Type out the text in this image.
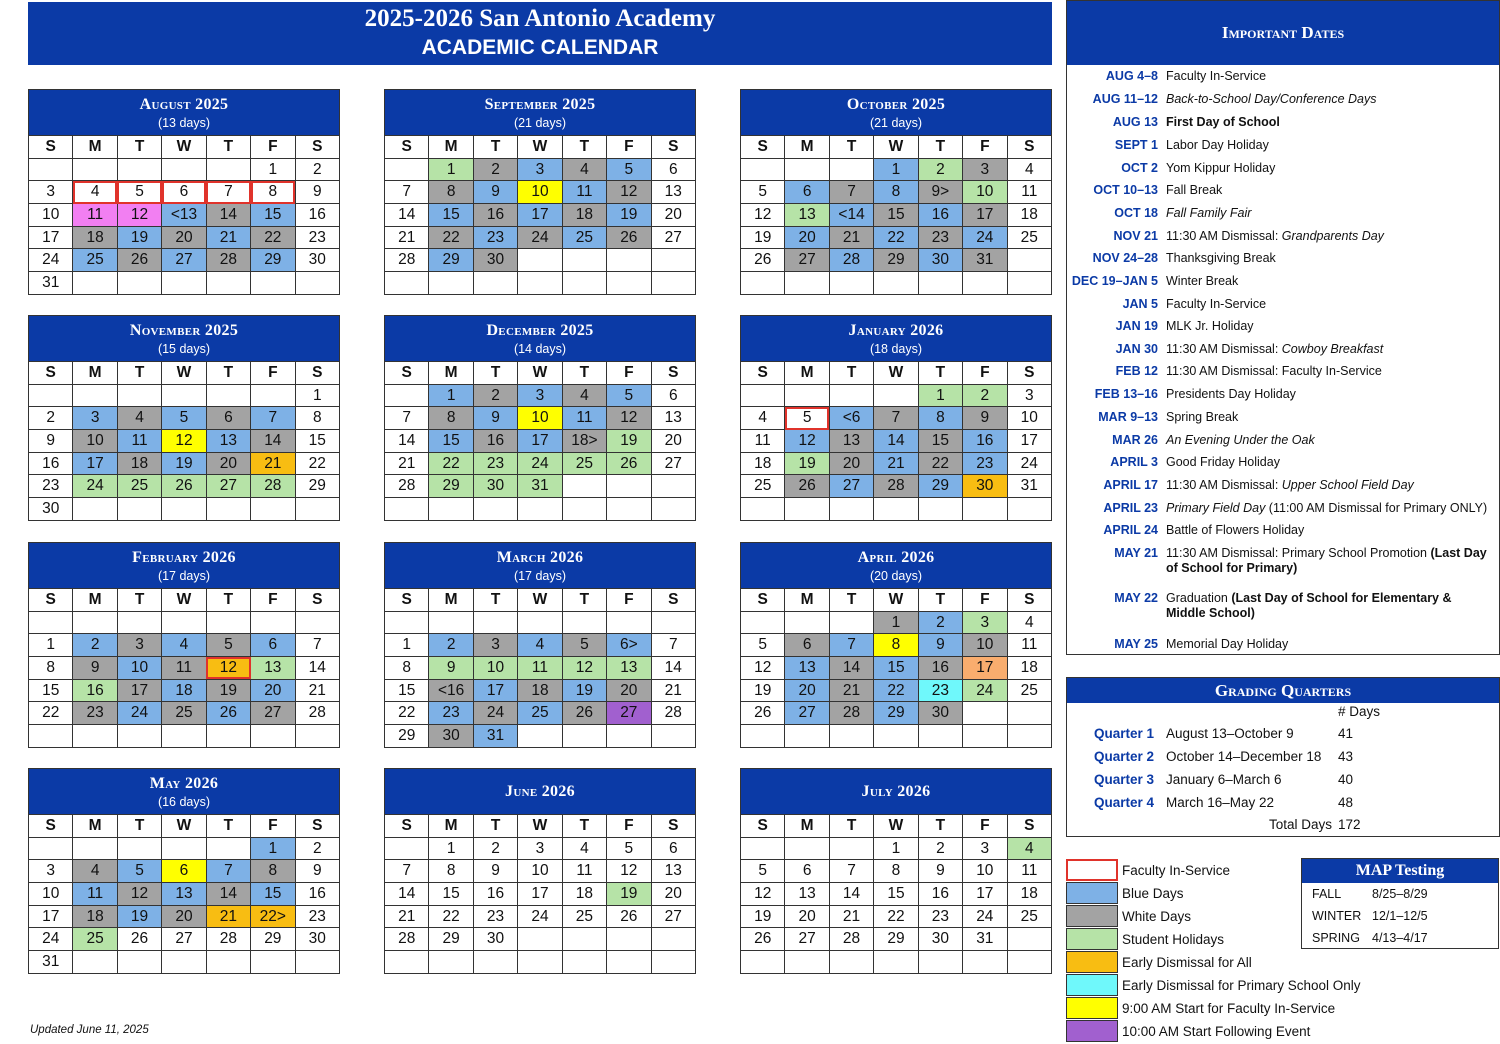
2025-2026 San Antonio Academy
ACADEMIC CALENDAR
August 2025
(13 days)
S	M	T	W	T	F	S
					1	2
3	4	5	6	7	8	9
10	11	12	<13	14	15	16
17	18	19	20	21	22	23
24	25	26	27	28	29	30
31						
September 2025
(21 days)
S	M	T	W	T	F	S
	1	2	3	4	5	6
7	8	9	10	11	12	13
14	15	16	17	18	19	20
21	22	23	24	25	26	27
28	29	30				

October 2025
(21 days)
S	M	T	W	T	F	S
			1	2	3	4
5	6	7	8	9>	10	11
12	13	<14	15	16	17	18
19	20	21	22	23	24	25
26	27	28	29	30	31	

November 2025
(15 days)
S	M	T	W	T	F	S
						1
2	3	4	5	6	7	8
9	10	11	12	13	14	15
16	17	18	19	20	21	22
23	24	25	26	27	28	29
30						
December 2025
(14 days)
S	M	T	W	T	F	S
	1	2	3	4	5	6
7	8	9	10	11	12	13
14	15	16	17	18>	19	20
21	22	23	24	25	26	27
28	29	30	31			

January 2026
(18 days)
S	M	T	W	T	F	S
				1	2	3
4	5	<6	7	8	9	10
11	12	13	14	15	16	17
18	19	20	21	22	23	24
25	26	27	28	29	30	31

February 2026
(17 days)
S	M	T	W	T	F	S

1	2	3	4	5	6	7
8	9	10	11	12	13	14
15	16	17	18	19	20	21
22	23	24	25	26	27	28

March 2026
(17 days)
S	M	T	W	T	F	S

1	2	3	4	5	6>	7
8	9	10	11	12	13	14
15	<16	17	18	19	20	21
22	23	24	25	26	27	28
29	30	31				
April 2026
(20 days)
S	M	T	W	T	F	S
			1	2	3	4
5	6	7	8	9	10	11
12	13	14	15	16	17	18
19	20	21	22	23	24	25
26	27	28	29	30		

May 2026
(16 days)
S	M	T	W	T	F	S
					1	2
3	4	5	6	7	8	9
10	11	12	13	14	15	16
17	18	19	20	21	22>	23
24	25	26	27	28	29	30
31						
June 2026
S	M	T	W	T	F	S
	1	2	3	4	5	6
7	8	9	10	11	12	13
14	15	16	17	18	19	20
21	22	23	24	25	26	27
28	29	30				

July 2026
S	M	T	W	T	F	S
			1	2	3	4
5	6	7	8	9	10	11
12	13	14	15	16	17	18
19	20	21	22	23	24	25
26	27	28	29	30	31	

Important Dates
AUG 4–8 Faculty In-Service
AUG 11–12 Back-to-School Day/Conference Days
AUG 13 First Day of School
SEPT 1 Labor Day Holiday
OCT 2 Yom Kippur Holiday
OCT 10–13 Fall Break
OCT 18 Fall Family Fair
NOV 21 11:30 AM Dismissal: Grandparents Day
NOV 24–28 Thanksgiving Break
DEC 19–JAN 5 Winter Break
JAN 5 Faculty In-Service
JAN 19 MLK Jr. Holiday
JAN 30 11:30 AM Dismissal: Cowboy Breakfast
FEB 12 11:30 AM Dismissal: Faculty In-Service
FEB 13–16 Presidents Day Holiday
MAR 9–13 Spring Break
MAR 26 An Evening Under the Oak
APRIL 3 Good Friday Holiday
APRIL 17 11:30 AM Dismissal: Upper School Field Day
APRIL 23 Primary Field Day (11:00 AM Dismissal for Primary ONLY)
APRIL 24 Battle of Flowers Holiday
MAY 21 11:30 AM Dismissal: Primary School Promotion (Last Day of School for Primary)
MAY 22 Graduation (Last Day of School for Elementary & Middle School)
MAY 25 Memorial Day Holiday
Grading Quarters
# Days
Quarter 1 August 13–October 9	41
Quarter 2 October 14–December 18	43
Quarter 3 January 6–March 6	40
Quarter 4 March 16–May 22	48
Total Days 172
Faculty In-Service
Blue Days
White Days
Student Holidays
Early Dismissal for All
Early Dismissal for Primary School Only
9:00 AM Start for Faculty In-Service
10:00 AM Start Following Event
MAP Testing
FALL	8/25–8/29
WINTER 12/1–12/5
SPRING 4/13–4/17
Updated June 11, 2025
